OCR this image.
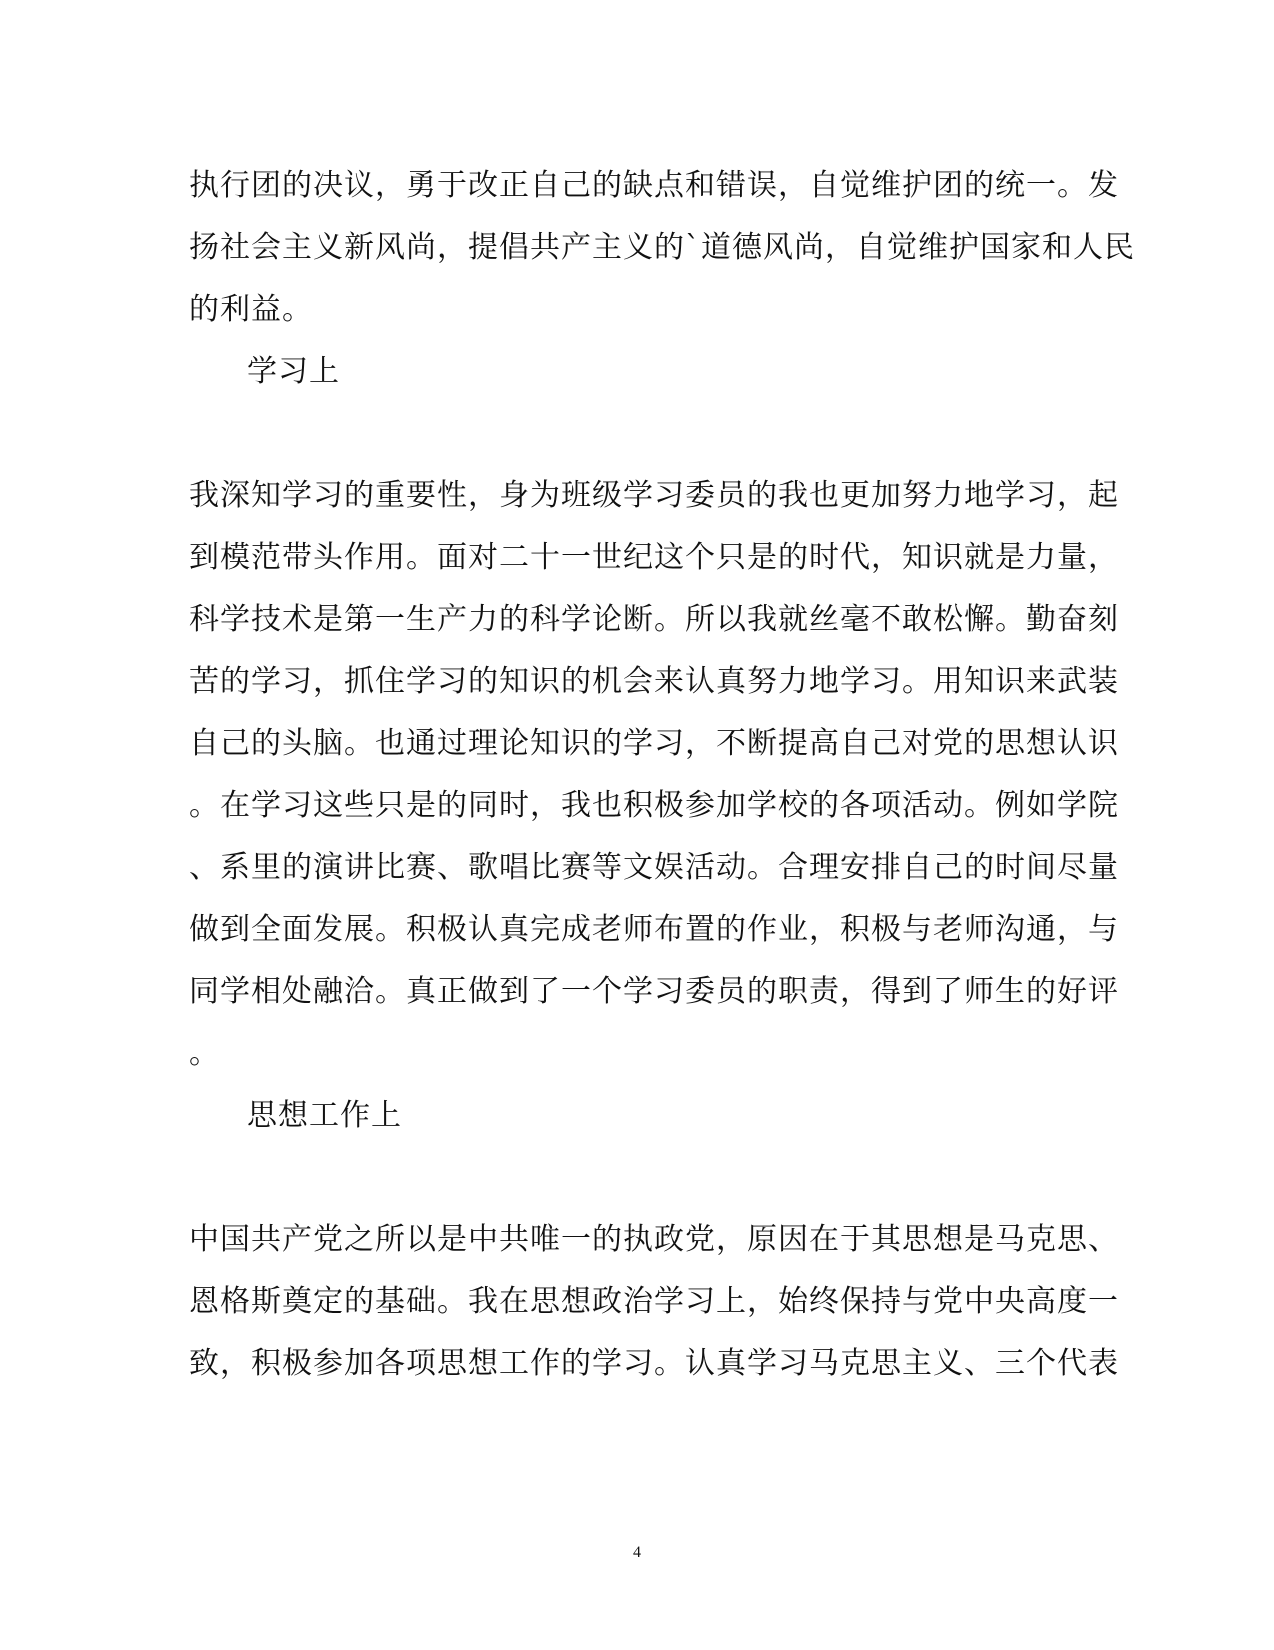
执行团的决议，勇于改正自己的缺点和错误，自觉维护团的统一。发
扬社会主义新风尚，提倡共产主义的`道德风尚，自觉维护国家和人民
的利益。
学习上
我深知学习的重要性，身为班级学习委员的我也更加努力地学习，起
到模范带头作用。面对二十一世纪这个只是的时代，知识就是力量，
科学技术是第一生产力的科学论断。所以我就丝毫不敢松懈。勤奋刻
苦的学习，抓住学习的知识的机会来认真努力地学习。用知识来武装
自己的头脑。也通过理论知识的学习，不断提高自己对党的思想认识
。在学习这些只是的同时，我也积极参加学校的各项活动。例如学院
、系里的演讲比赛、歌唱比赛等文娱活动。合理安排自己的时间尽量
做到全面发展。积极认真完成老师布置的作业，积极与老师沟通，与
同学相处融洽。真正做到了一个学习委员的职责，得到了师生的好评
。
思想工作上
中国共产党之所以是中共唯一的执政党，原因在于其思想是马克思、
恩格斯奠定的基础。我在思想政治学习上，始终保持与党中央高度一
致，积极参加各项思想工作的学习。认真学习马克思主义、三个代表
4
